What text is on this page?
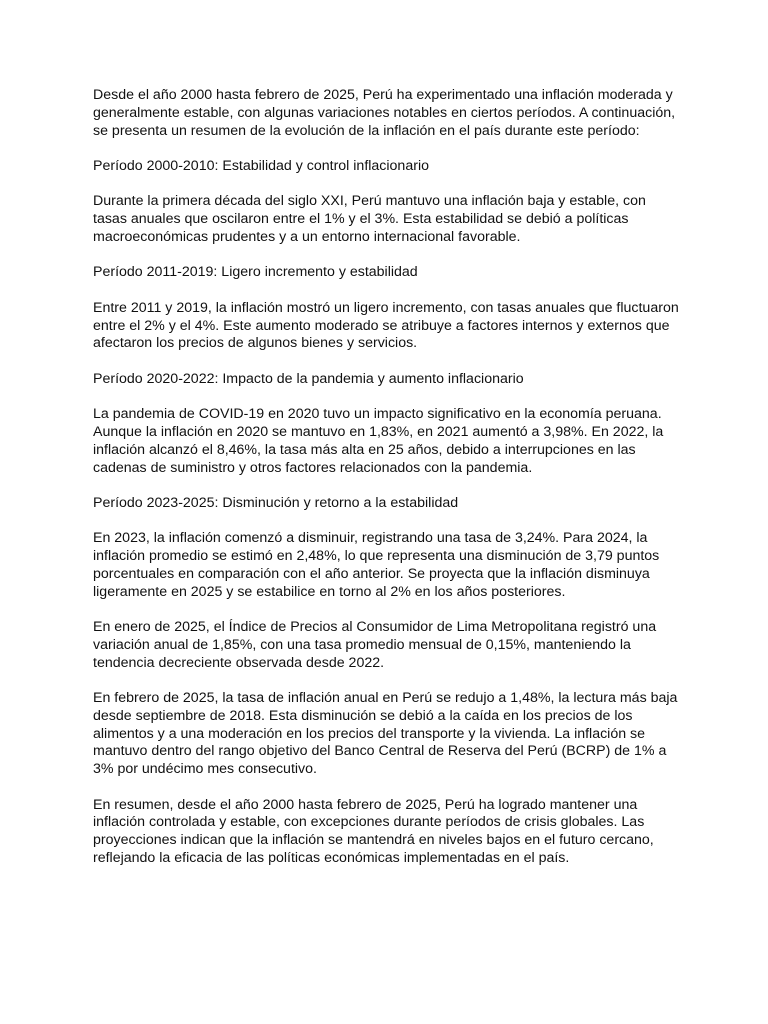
Desde el año 2000 hasta febrero de 2025, Perú ha experimentado una inflación moderada y generalmente estable, con algunas variaciones notables en ciertos períodos. A continuación, se presenta un resumen de la evolución de la inflación en el país durante este período:

Período 2000-2010: Estabilidad y control inflacionario

Durante la primera década del siglo XXI, Perú mantuvo una inflación baja y estable, con tasas anuales que oscilaron entre el 1% y el 3%. Esta estabilidad se debió a políticas macroeconómicas prudentes y a un entorno internacional favorable.

Período 2011-2019: Ligero incremento y estabilidad

Entre 2011 y 2019, la inflación mostró un ligero incremento, con tasas anuales que fluctuaron entre el 2% y el 4%. Este aumento moderado se atribuye a factores internos y externos que afectaron los precios de algunos bienes y servicios.

Período 2020-2022: Impacto de la pandemia y aumento inflacionario

La pandemia de COVID-19 en 2020 tuvo un impacto significativo en la economía peruana. Aunque la inflación en 2020 se mantuvo en 1,83%, en 2021 aumentó a 3,98%. En 2022, la inflación alcanzó el 8,46%, la tasa más alta en 25 años, debido a interrupciones en las cadenas de suministro y otros factores relacionados con la pandemia.

Período 2023-2025: Disminución y retorno a la estabilidad

En 2023, la inflación comenzó a disminuir, registrando una tasa de 3,24%. Para 2024, la inflación promedio se estimó en 2,48%, lo que representa una disminución de 3,79 puntos porcentuales en comparación con el año anterior. Se proyecta que la inflación disminuya ligeramente en 2025 y se estabilice en torno al 2% en los años posteriores.

En enero de 2025, el Índice de Precios al Consumidor de Lima Metropolitana registró una variación anual de 1,85%, con una tasa promedio mensual de 0,15%, manteniendo la tendencia decreciente observada desde 2022.

En febrero de 2025, la tasa de inflación anual en Perú se redujo a 1,48%, la lectura más baja desde septiembre de 2018. Esta disminución se debió a la caída en los precios de los alimentos y a una moderación en los precios del transporte y la vivienda. La inflación se mantuvo dentro del rango objetivo del Banco Central de Reserva del Perú (BCRP) de 1% a 3% por undécimo mes consecutivo.

En resumen, desde el año 2000 hasta febrero de 2025, Perú ha logrado mantener una inflación controlada y estable, con excepciones durante períodos de crisis globales. Las proyecciones indican que la inflación se mantendrá en niveles bajos en el futuro cercano, reflejando la eficacia de las políticas económicas implementadas en el país.
